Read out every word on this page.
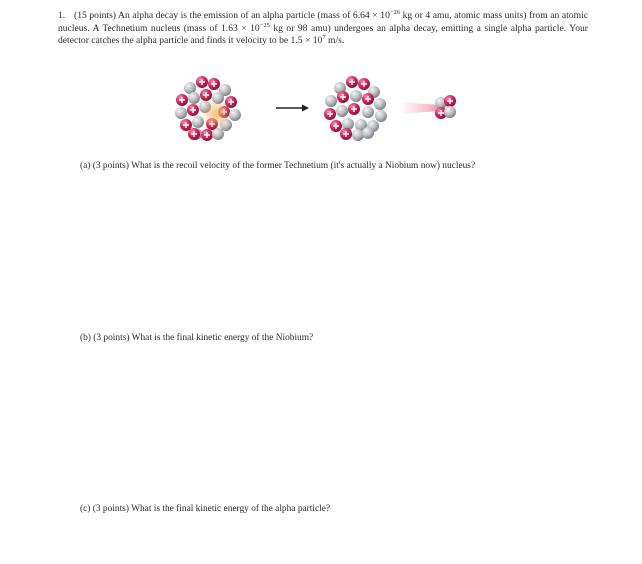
1. (15 points) An alpha decay is the emission of an alpha particle (mass of $6.64 \times 10^{-26}$ kg or 4 amu, atomic mass units) from an atomic nucleus. A Technetium nucleus (mass of $1.63 \times 10^{-25}$ kg or 98 amu) undergoes an alpha decay, emitting a single alpha particle. Your detector catches the alpha particle and finds it velocity to be $1.5 \times 10^7$ m/s.
(a) (3 points) What is the recoil velocity of the former Technetium (it's actually a Niobium now) nucleus?
(b) (3 points) What is the final kinetic energy of the Niobium?
(c) (3 points) What is the final kinetic energy of the alpha particle?
